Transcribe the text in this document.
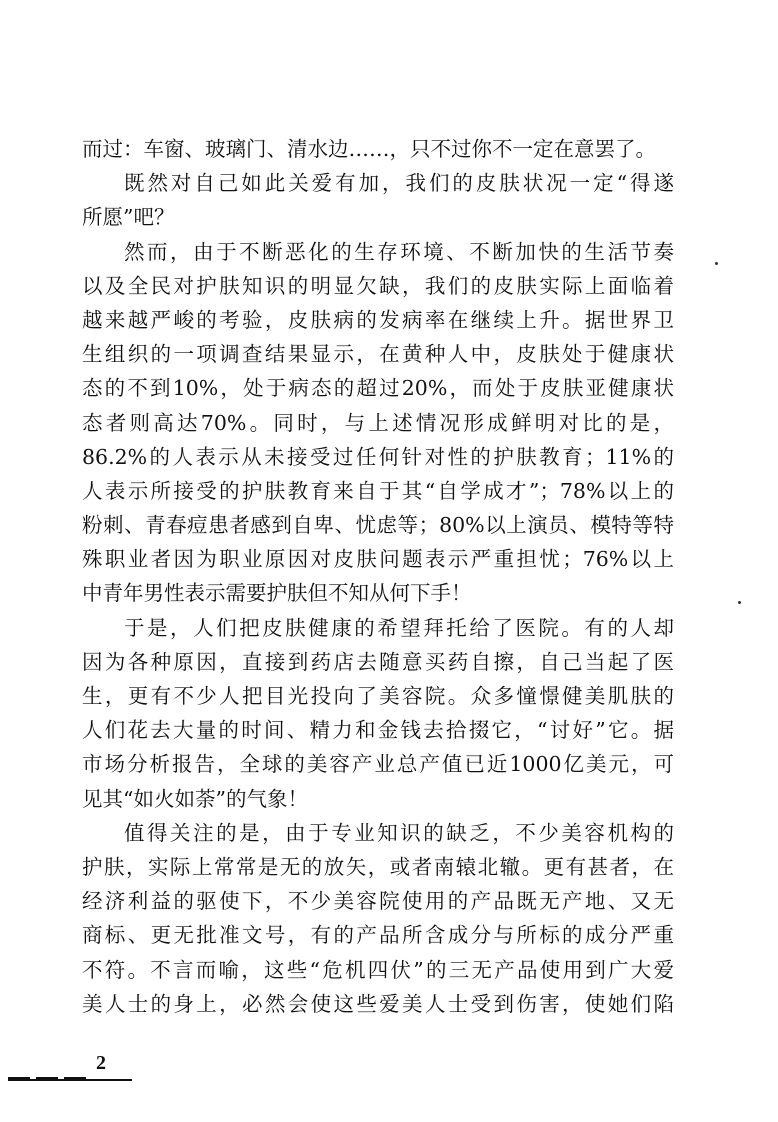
而过：车窗、玻璃门、清水边……，只不过你不一定在意罢了。
既然对自己如此关爱有加，我们的皮肤状况一定“得遂
所愿”吧？
然而，由于不断恶化的生存环境、不断加快的生活节奏
以及全民对护肤知识的明显欠缺，我们的皮肤实际上面临着
越来越严峻的考验，皮肤病的发病率在继续上升。据世界卫
生组织的一项调查结果显示，在黄种人中，皮肤处于健康状
态的不到10%，处于病态的超过20%，而处于皮肤亚健康状
态者则高达70%。同时，与上述情况形成鲜明对比的是，
86.2%的人表示从未接受过任何针对性的护肤教育；11%的
人表示所接受的护肤教育来自于其“自学成才”；78%以上的
粉刺、青春痘患者感到自卑、忧虑等；80%以上演员、模特等特
殊职业者因为职业原因对皮肤问题表示严重担忧；76%以上
中青年男性表示需要护肤但不知从何下手！
于是，人们把皮肤健康的希望拜托给了医院。有的人却
因为各种原因，直接到药店去随意买药自擦，自己当起了医
生，更有不少人把目光投向了美容院。众多憧憬健美肌肤的
人们花去大量的时间、精力和金钱去拾掇它，“讨好”它。据
市场分析报告，全球的美容产业总产值已近1000亿美元，可
见其“如火如荼”的气象！
值得关注的是，由于专业知识的缺乏，不少美容机构的
护肤，实际上常常是无的放矢，或者南辕北辙。更有甚者，在
经济利益的驱使下，不少美容院使用的产品既无产地、又无
商标、更无批准文号，有的产品所含成分与所标的成分严重
不符。不言而喻，这些“危机四伏”的三无产品使用到广大爱
美人士的身上，必然会使这些爱美人士受到伤害，使她们陷
2
